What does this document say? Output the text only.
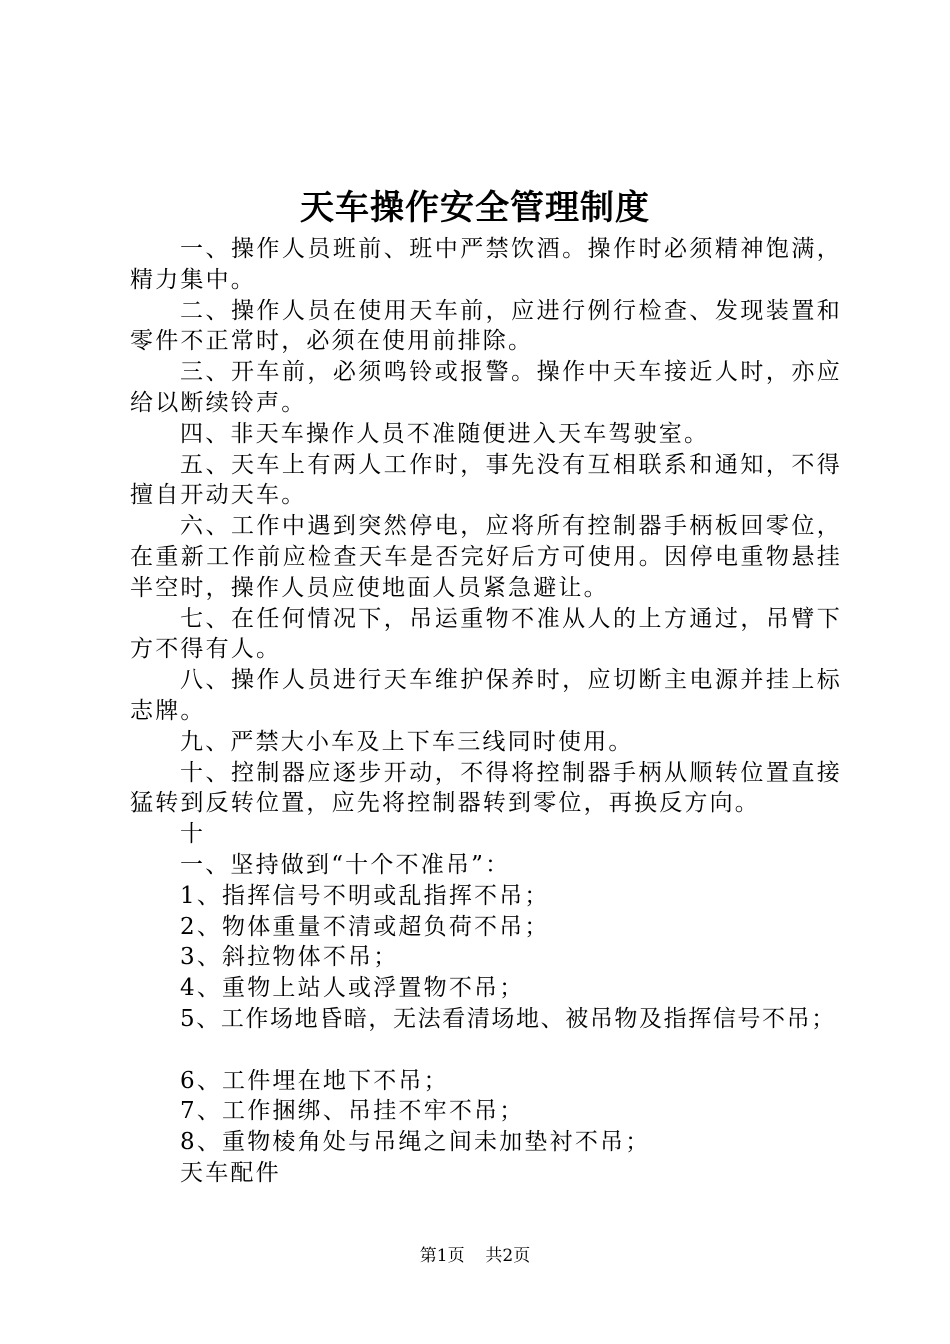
天车操作安全管理制度

一、操作人员班前、班中严禁饮酒。操作时必须精神饱满，精力集中。

二、操作人员在使用天车前，应进行例行检查、发现装置和零件不正常时，必须在使用前排除。

三、开车前，必须鸣铃或报警。操作中天车接近人时，亦应给以断续铃声。

四、非天车操作人员不准随便进入天车驾驶室。

五、天车上有两人工作时，事先没有互相联系和通知，不得擅自开动天车。

六、工作中遇到突然停电，应将所有控制器手柄板回零位，在重新工作前应检查天车是否完好后方可使用。因停电重物悬挂半空时，操作人员应使地面人员紧急避让。

七、在任何情况下，吊运重物不准从人的上方通过，吊臂下方不得有人。

八、操作人员进行天车维护保养时，应切断主电源并挂上标志牌。

九、严禁大小车及上下车三线同时使用。

十、控制器应逐步开动，不得将控制器手柄从顺转位置直接猛转到反转位置，应先将控制器转到零位，再换反方向。

十

一、坚持做到“十个不准吊”：

1、指挥信号不明或乱指挥不吊；

2、物体重量不清或超负荷不吊；

3、斜拉物体不吊；

4、重物上站人或浮置物不吊；

5、工作场地昏暗，无法看清场地、被吊物及指挥信号不吊；

6、工件埋在地下不吊；

7、工作捆绑、吊挂不牢不吊；

8、重物棱角处与吊绳之间未加垫衬不吊；

天车配件

第1页 共2页
